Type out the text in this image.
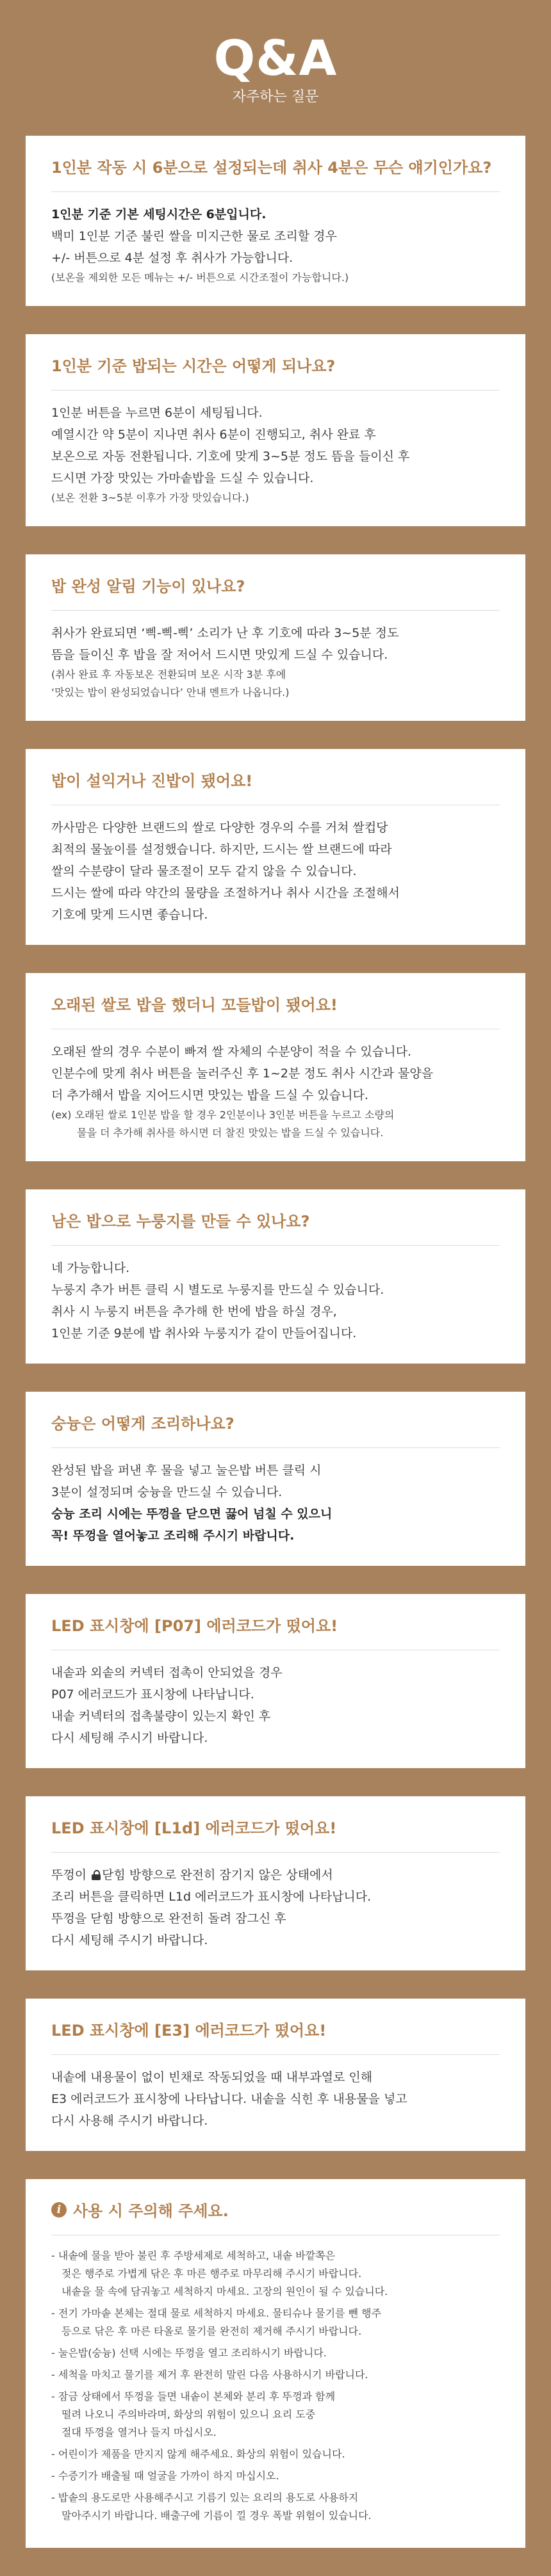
Q&A
자주하는 질문
1인분 작동 시 6분으로 설정되는데 취사 4분은 무슨 얘기인가요?
1인분 기준 기본 세팅시간은 6분입니다.
백미 1인분 기준 불린 쌀을 미지근한 물로 조리할 경우
+/- 버튼으로 4분 설정 후 취사가 가능합니다.
(보온을 제외한 모든 메뉴는 +/- 버튼으로 시간조절이 가능합니다.)
1인분 기준 밥되는 시간은 어떻게 되나요?
1인분 버튼을 누르면 6분이 세팅됩니다.
예열시간 약 5분이 지나면 취사 6분이 진행되고, 취사 완료 후
보온으로 자동 전환됩니다. 기호에 맞게 3~5분 정도 뜸을 들이신 후
드시면 가장 맛있는 가마솥밥을 드실 수 있습니다.
(보온 전환 3~5분 이후가 가장 맛있습니다.)
밥 완성 알림 기능이 있나요?
취사가 완료되면 ‘삑-삑-삑’ 소리가 난 후 기호에 따라 3~5분 정도
뜸을 들이신 후 밥을 잘 저어서 드시면 맛있게 드실 수 있습니다.
(취사 완료 후 자동보온 전환되며 보온 시작 3분 후에
‘맛있는 밥이 완성되었습니다’ 안내 멘트가 나옵니다.)
밥이 설익거나 진밥이 됐어요!
까사맘은 다양한 브랜드의 쌀로 다양한 경우의 수를 거쳐 쌀컵당
최적의 물높이를 설정했습니다. 하지만, 드시는 쌀 브랜드에 따라
쌀의 수분량이 달라 물조절이 모두 같지 않을 수 있습니다.
드시는 쌀에 따라 약간의 물량을 조절하거나 취사 시간을 조절해서
기호에 맞게 드시면 좋습니다.
오래된 쌀로 밥을 했더니 꼬들밥이 됐어요!
오래된 쌀의 경우 수분이 빠져 쌀 자체의 수분양이 적을 수 있습니다.
인분수에 맞게 취사 버튼을 눌러주신 후 1~2분 정도 취사 시간과 물양을
더 추가해서 밥을 지어드시면 맛있는 밥을 드실 수 있습니다.
(ex) 오래된 쌀로 1인분 밥을 할 경우 2인분이나 3인분 버튼을 누르고 소량의
물을 더 추가해 취사를 하시면 더 찰진 맛있는 밥을 드실 수 있습니다.
남은 밥으로 누룽지를 만들 수 있나요?
네 가능합니다.
누룽지 추가 버튼 클릭 시 별도로 누룽지를 만드실 수 있습니다.
취사 시 누룽지 버튼을 추가해 한 번에 밥을 하실 경우,
1인분 기준 9분에 밥 취사와 누룽지가 같이 만들어집니다.
숭늉은 어떻게 조리하나요?
완성된 밥을 퍼낸 후 물을 넣고 눌은밥 버튼 클릭 시
3분이 설정되며 숭늉을 만드실 수 있습니다.
숭늉 조리 시에는 뚜껑을 닫으면 끓어 넘칠 수 있으니
꼭! 뚜껑을 열어놓고 조리해 주시기 바랍니다.
LED 표시창에 [P07] 에러코드가 떴어요!
내솥과 외솥의 커넥터 접촉이 안되었을 경우
P07 에러코드가 표시창에 나타납니다.
내솥 커넥터의 접촉불량이 있는지 확인 후
다시 세팅해 주시기 바랍니다.
LED 표시창에 [L1d] 에러코드가 떴어요!
뚜껑이 닫힘 방향으로 완전히 잠기지 않은 상태에서
조리 버튼을 클릭하면 L1d 에러코드가 표시창에 나타납니다.
뚜껑을 닫힘 방향으로 완전히 돌려 잠그신 후
다시 세팅해 주시기 바랍니다.
LED 표시창에 [E3] 에러코드가 떴어요!
내솥에 내용물이 없이 빈채로 작동되었을 때 내부과열로 인해
E3 에러코드가 표시창에 나타납니다. 내솥을 식힌 후 내용물을 넣고
다시 사용해 주시기 바랍니다.
i 사용 시 주의해 주세요.
- 내솥에 물을 받아 불린 후 주방세제로 세척하고, 내솥 바깥쪽은
젖은 행주로 가볍게 닦은 후 마른 행주로 마무리해 주시기 바랍니다.
내솥을 물 속에 담궈놓고 세척하지 마세요. 고장의 원인이 될 수 있습니다.
- 전기 가마솥 본체는 절대 물로 세척하지 마세요. 물티슈나 물기를 뺀 행주
등으로 닦은 후 마른 타올로 물기를 완전히 제거해 주시기 바랍니다.
- 눌은밥(숭늉) 선택 시에는 뚜껑을 열고 조리하시기 바랍니다.
- 세척을 마치고 물기를 제거 후 완전히 말린 다음 사용하시기 바랍니다.
- 잠금 상태에서 뚜껑을 들면 내솥이 본체와 분리 후 뚜껑과 함께
떨려 나오니 주의바라며, 화상의 위험이 있으니 요리 도중
절대 뚜껑을 열거나 들지 마십시오.
- 어린이가 제품을 만지지 않게 해주세요. 화상의 위험이 있습니다.
- 수증기가 배출될 때 얼굴을 가까이 하지 마십시오.
- 밥솥의 용도로만 사용해주시고 기름기 있는 요리의 용도로 사용하지
말아주시기 바랍니다. 배출구에 기름이 낄 경우 폭발 위험이 있습니다.
